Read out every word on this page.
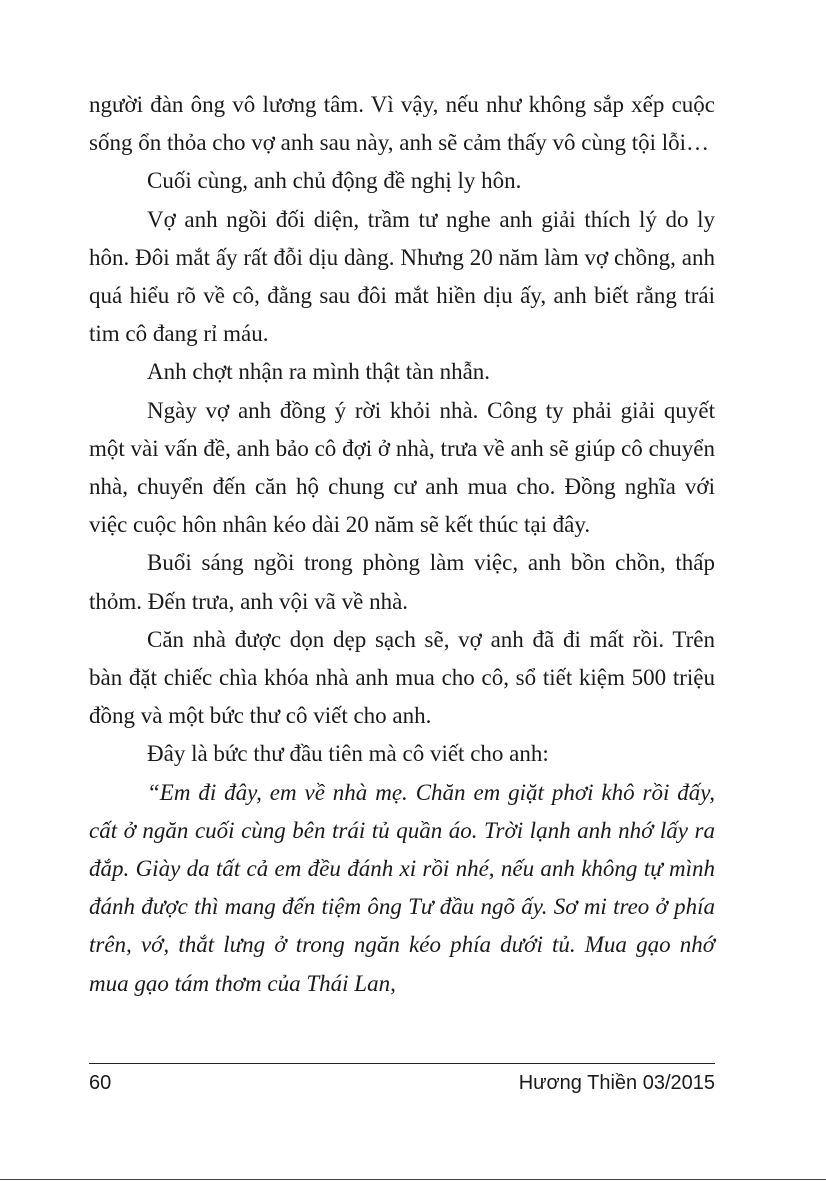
người đàn ông vô lương tâm. Vì vậy, nếu như không sắp xếp cuộc sống ổn thỏa cho vợ anh sau này, anh sẽ cảm thấy vô cùng tội lỗi…

Cuối cùng, anh chủ động đề nghị ly hôn.

Vợ anh ngồi đối diện, trầm tư nghe anh giải thích lý do ly hôn. Đôi mắt ấy rất đỗi dịu dàng. Nhưng 20 năm làm vợ chồng, anh quá hiểu rõ về cô, đằng sau đôi mắt hiền dịu ấy, anh biết rằng trái tim cô đang rỉ máu.

Anh chợt nhận ra mình thật tàn nhẫn.

Ngày vợ anh đồng ý rời khỏi nhà. Công ty phải giải quyết một vài vấn đề, anh bảo cô đợi ở nhà, trưa về anh sẽ giúp cô chuyển nhà, chuyển đến căn hộ chung cư anh mua cho. Đồng nghĩa với việc cuộc hôn nhân kéo dài 20 năm sẽ kết thúc tại đây.

Buổi sáng ngồi trong phòng làm việc, anh bồn chồn, thấp thỏm. Đến trưa, anh vội vã về nhà.

Căn nhà được dọn dẹp sạch sẽ, vợ anh đã đi mất rồi. Trên bàn đặt chiếc chìa khóa nhà anh mua cho cô, sổ tiết kiệm 500 triệu đồng và một bức thư cô viết cho anh.

Đây là bức thư đầu tiên mà cô viết cho anh:

“Em đi đây, em về nhà mẹ. Chăn em giặt phơi khô rồi đấy, cất ở ngăn cuối cùng bên trái tủ quần áo. Trời lạnh anh nhớ lấy ra đắp. Giày da tất cả em đều đánh xi rồi nhé, nếu anh không tự mình đánh được thì mang đến tiệm ông Tư đầu ngõ ấy. Sơ mi treo ở phía trên, vớ, thắt lưng ở trong ngăn kéo phía dưới tủ. Mua gạo nhớ mua gạo tám thơm của Thái Lan,

60	Hương Thiền 03/2015
